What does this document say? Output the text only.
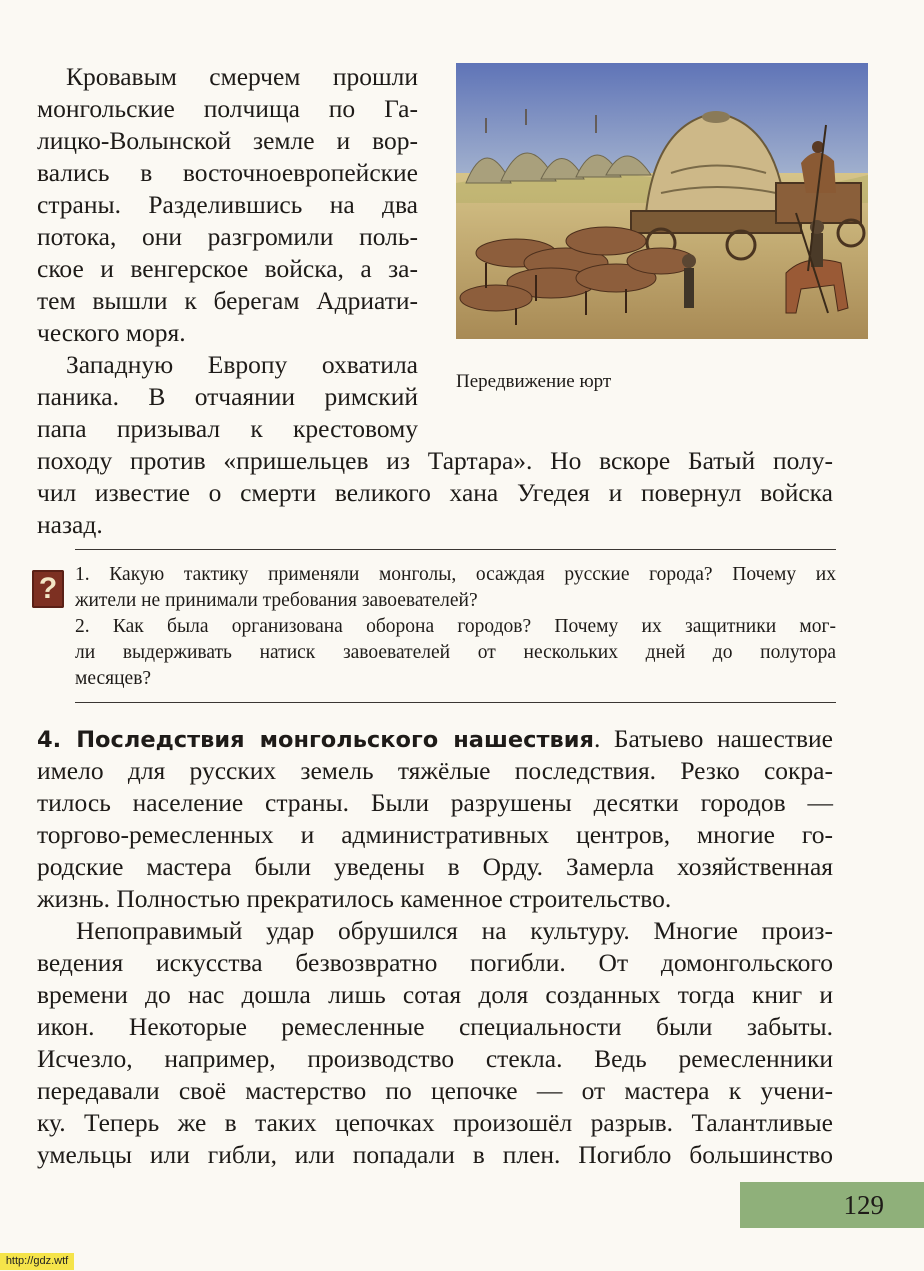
Кровавым смерчем прошли
монгольские полчища по Га-
лицко-Волынской земле и вор-
вались в восточноевропейские
страны. Разделившись на два
потока, они разгромили поль-
ское и венгерское войска, а за-
тем вышли к берегам Адриати-
ческого моря.
Западную Европу охватила
паника. В отчаянии римский
папа призывал к крестовому
походу против «пришельцев из Тартара». Но вскоре Батый полу-
чил известие о смерти великого хана Угедея и повернул войска
назад.
Передвижение юрт
? 1. Какую тактику применяли монголы, осаждая русские города? Почему их
жители не принимали требования завоевателей?
2. Как была организована оборона городов? Почему их защитники мог-
ли выдерживать натиск завоевателей от нескольких дней до полутора
месяцев?
4. Последствия монгольского нашествия. Батыево нашествие
имело для русских земель тяжёлые последствия. Резко сокра-
тилось население страны. Были разрушены десятки городов —
торгово-ремесленных и административных центров, многие го-
родские мастера были уведены в Орду. Замерла хозяйственная
жизнь. Полностью прекратилось каменное строительство.
Непоправимый удар обрушился на культуру. Многие произ-
ведения искусства безвозвратно погибли. От домонгольского
времени до нас дошла лишь сотая доля созданных тогда книг и
икон. Некоторые ремесленные специальности были забыты.
Исчезло, например, производство стекла. Ведь ремесленники
передавали своё мастерство по цепочке — от мастера к учени-
ку. Теперь же в таких цепочках произошёл разрыв. Талантливые
умельцы или гибли, или попадали в плен. Погибло большинство
129
http://gdz.wtf
